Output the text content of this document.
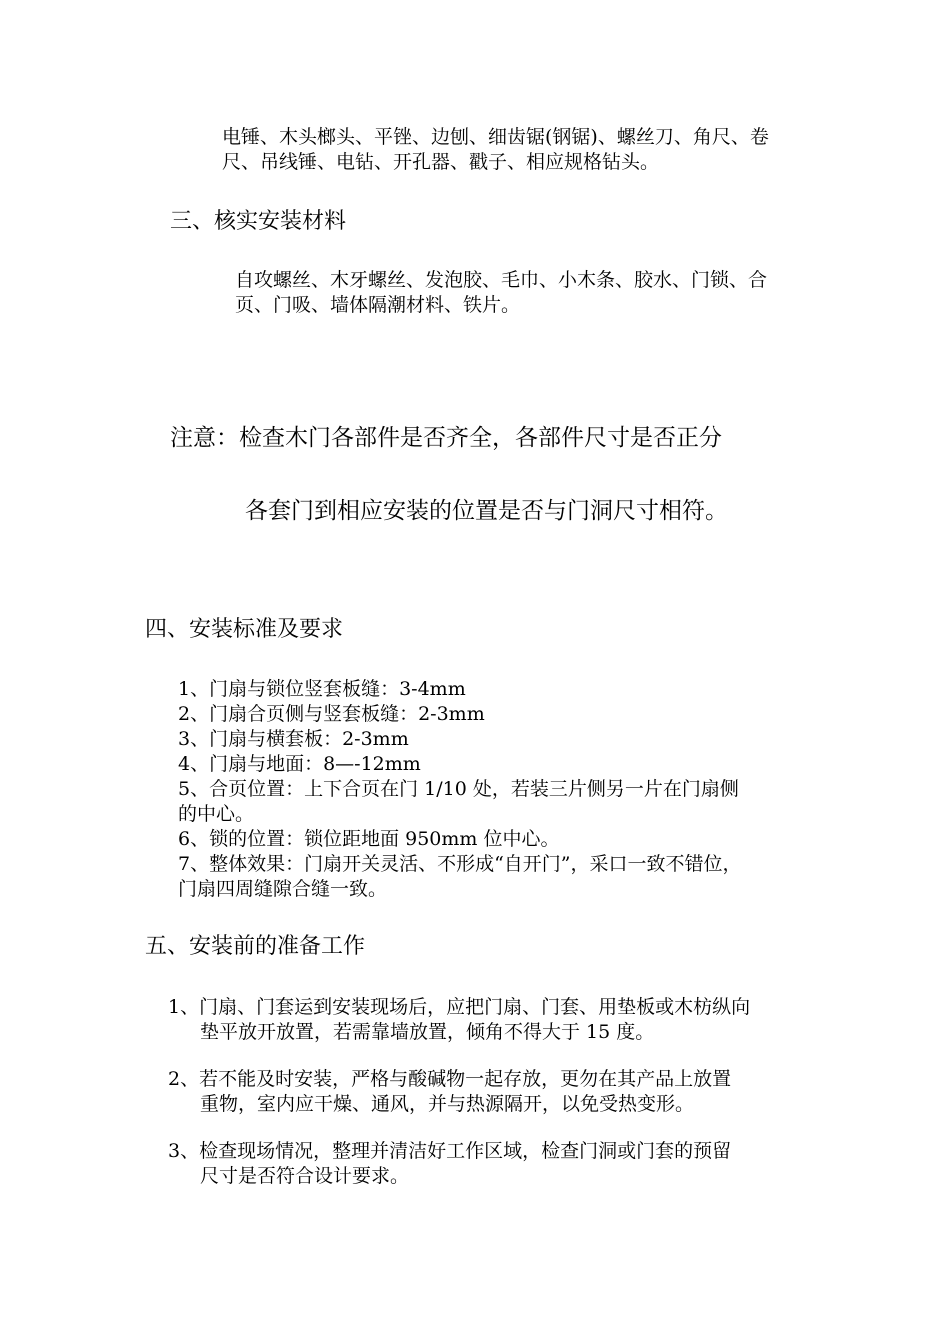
电锤、木头榔头、平锉、边刨、细齿锯(钢锯)、螺丝刀、角尺、卷
尺、吊线锤、电钻、开孔器、戳子、相应规格钻头。
三、核实安装材料
自攻螺丝、木牙螺丝、发泡胶、毛巾、小木条、胶水、门锁、合
页、门吸、墙体隔潮材料、铁片。
注意：检查木门各部件是否齐全，各部件尺寸是否正分
各套门到相应安装的位置是否与门洞尺寸相符。
四、安装标准及要求
1、门扇与锁位竖套板缝：3-4mm
2、门扇合页侧与竖套板缝：2-3mm
3、门扇与横套板：2-3mm
4、门扇与地面：8—-12mm
5、合页位置：上下合页在门 1/10 处，若装三片侧另一片在门扇侧
的中心。
6、锁的位置：锁位距地面 950mm 位中心。
7、整体效果：门扇开关灵活、不形成“自开门”，采口一致不错位，
门扇四周缝隙合缝一致。
五、安装前的准备工作
1、门扇、门套运到安装现场后，应把门扇、门套、用垫板或木枋纵向
垫平放开放置，若需靠墙放置，倾角不得大于 15 度。
2、若不能及时安装，严格与酸碱物一起存放，更勿在其产品上放置
重物，室内应干燥、通风，并与热源隔开，以免受热变形。
3、检查现场情况，整理并清洁好工作区域，检查门洞或门套的预留
尺寸是否符合设计要求。
